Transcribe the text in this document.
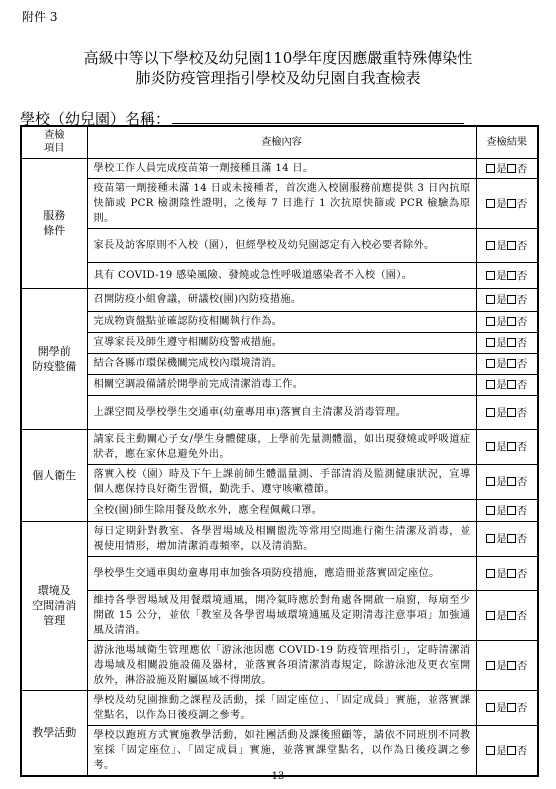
附件 3
高級中等以下學校及幼兒園110學年度因應嚴重特殊傳染性
肺炎防疫管理指引學校及幼兒園自我查檢表
學校（幼兒園）名稱：
查檢
項目	查檢內容	查檢結果
服務
條件	學校工作人員完成疫苗第一劑接種且滿 14 日。	是 否
	疫苗第一劑接種未滿 14 日或未接種者，首次進入校園服務前應提供 3 日內抗原快篩或 PCR 檢測陰性證明，之後每 7 日進行 1 次抗原快篩或 PCR 檢驗為原則。	是 否
	家長及訪客原則不入校（園），但經學校及幼兒園認定有入校必要者除外。	是 否
	具有 COVID-19 感染風險、發燒或急性呼吸道感染者不入校（園）。	是 否
開學前
防疫整備	召開防疫小組會議，研議校(園)內防疫措施。	是 否
	完成物資盤點並確認防疫相關執行作為。	是 否
	宣導家長及師生遵守相關防疫警戒措施。	是 否
	結合各縣市環保機關完成校內環境清消。	是 否
	相關空調設備請於開學前完成清潔消毒工作。	是 否
	上課空間及學校學生交通車(幼童專用車)落實自主清潔及消毒管理。	是 否
個人衛生	請家長主動關心子女/學生身體健康，上學前先量測體溫，如出現發燒或呼吸道症狀者，應在家休息避免外出。	是 否
	落實入校（園）時及下午上課前師生體溫量測、手部清消及監測健康狀況，宣導個人應保持良好衛生習慣，勤洗手、遵守咳嗽禮節。	是 否
	全校(園)師生除用餐及飲水外，應全程佩戴口罩。	是 否
環境及
空間清消
管理	每日定期針對教室、各學習場域及相關盥洗等常用空間進行衛生清潔及消毒，並視使用情形，增加清潔消毒頻率，以及清消點。	是 否
	學校學生交通車與幼童專用車加強各項防疫措施，應造冊並落實固定座位。	是 否
	維持各學習場域及用餐環境通風，開冷氣時應於對角處各開啟一扇窗，每扇至少開啟 15 公分，並依「教室及各學習場域環境通風及定期清毒注意事項」加強通風及清消。	是 否
	游泳池場域衛生管理應依「游泳池因應 COVID-19 防疫管理指引」，定時清潔消毒場域及相關設施設備及器材，並落實各項清潔消毒規定，除游泳池及更衣室開放外，淋浴設施及附屬區域不得開放。	是 否
教學活動	學校及幼兒園推動之課程及活動，採「固定座位」、「固定成員」實施，並落實課堂點名，以作為日後疫調之參考。	是 否
	學校以跑班方式實施教學活動，如社團活動及課後照顧等，請依不同班別不同教室採「固定座位」、「固定成員」實施，並落實課堂點名，以作為日後疫調之參考。	是 否
13
